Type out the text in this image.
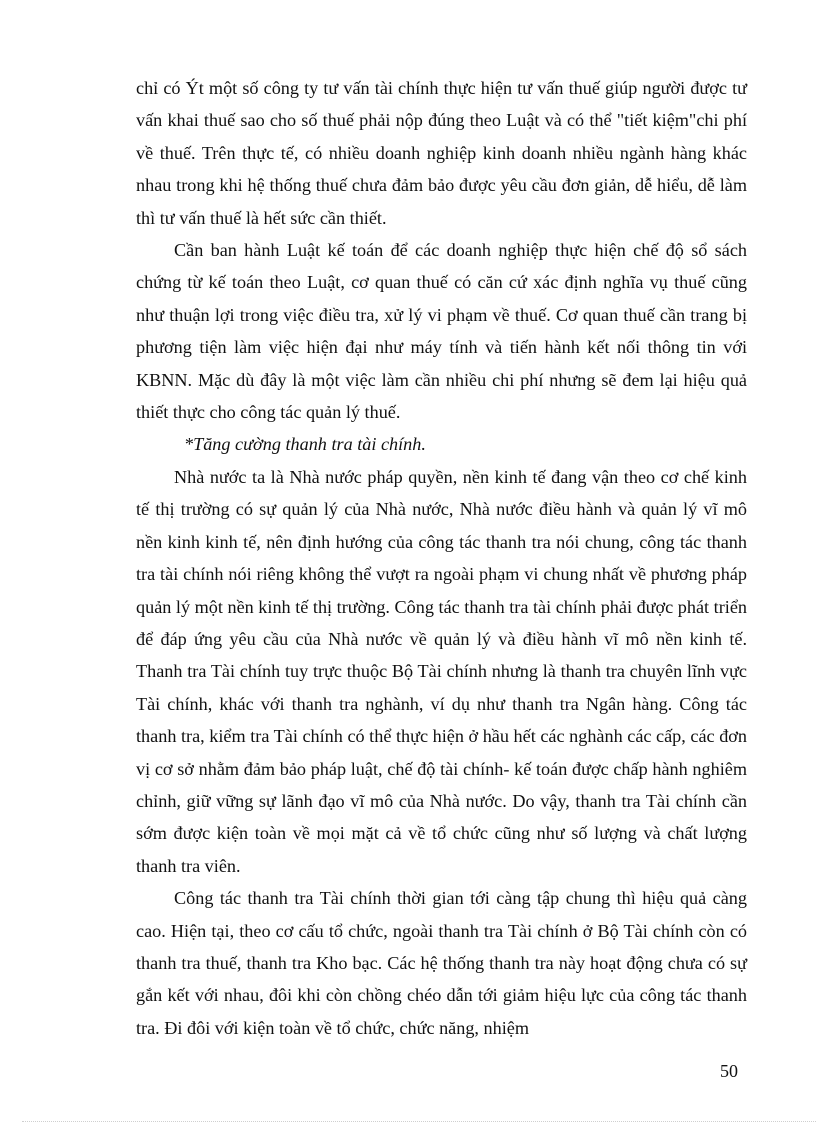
chỉ có Ýt một số công ty tư vấn tài chính thực hiện tư vấn thuế giúp người được tư vấn khai thuế sao cho số thuế phải nộp đúng theo Luật và có thể "tiết kiệm"chi phí về thuế. Trên thực tế, có nhiều doanh nghiệp kinh doanh nhiều ngành hàng khác nhau trong khi hệ thống thuế chưa đảm bảo được yêu cầu đơn giản, dễ hiểu, dễ làm thì tư vấn thuế là hết sức cần thiết.

Cần ban hành Luật kế toán để các doanh nghiệp thực hiện chế độ sổ sách chứng từ kế toán theo Luật, cơ quan thuế có căn cứ xác định nghĩa vụ thuế cũng như thuận lợi trong việc điều tra, xử lý vi phạm về thuế. Cơ quan thuế cần trang bị phương tiện làm việc hiện đại như máy tính và tiến hành kết nối thông tin với KBNN. Mặc dù đây là một việc làm cần nhiều chi phí nhưng sẽ đem lại hiệu quả thiết thực cho công tác quản lý thuế.

*Tăng cường thanh tra tài chính.

Nhà nước ta là Nhà nước pháp quyền, nền kinh tế đang vận theo cơ chế kinh tế thị trường có sự quản lý của Nhà nước, Nhà nước điều hành và quản lý vĩ mô nền kinh kinh tế, nên định hướng của công tác thanh tra nói chung, công tác thanh tra tài chính nói riêng không thể vượt ra ngoài phạm vi chung nhất về phương pháp quản lý một nền kinh tế thị trường. Công tác thanh tra tài chính phải được phát triển để đáp ứng yêu cầu của Nhà nước về quản lý và điều hành vĩ mô nền kinh tế. Thanh tra Tài chính tuy trực thuộc Bộ Tài chính nhưng là thanh tra chuyên lĩnh vực Tài chính, khác với thanh tra nghành, ví dụ như thanh tra Ngân hàng. Công tác thanh tra, kiểm tra Tài chính có thể thực hiện ở hầu hết các nghành các cấp, các đơn vị cơ sở nhằm đảm bảo pháp luật, chế độ tài chính- kế toán được chấp hành nghiêm chỉnh, giữ vững sự lãnh đạo vĩ mô của Nhà nước. Do vậy, thanh tra Tài chính cần sớm được kiện toàn về mọi mặt cả về tổ chức cũng như số lượng và chất lượng thanh tra viên.

Công tác thanh tra Tài chính thời gian tới càng tập chung thì hiệu quả càng cao. Hiện tại, theo cơ cấu tổ chức, ngoài thanh tra Tài chính ở Bộ Tài chính còn có thanh tra thuế, thanh tra Kho bạc. Các hệ thống thanh tra này hoạt động chưa có sự gắn kết với nhau, đôi khi còn chồng chéo dẫn tới giảm hiệu lực của công tác thanh tra. Đi đôi với kiện toàn về tổ chức, chức năng, nhiệm

50
